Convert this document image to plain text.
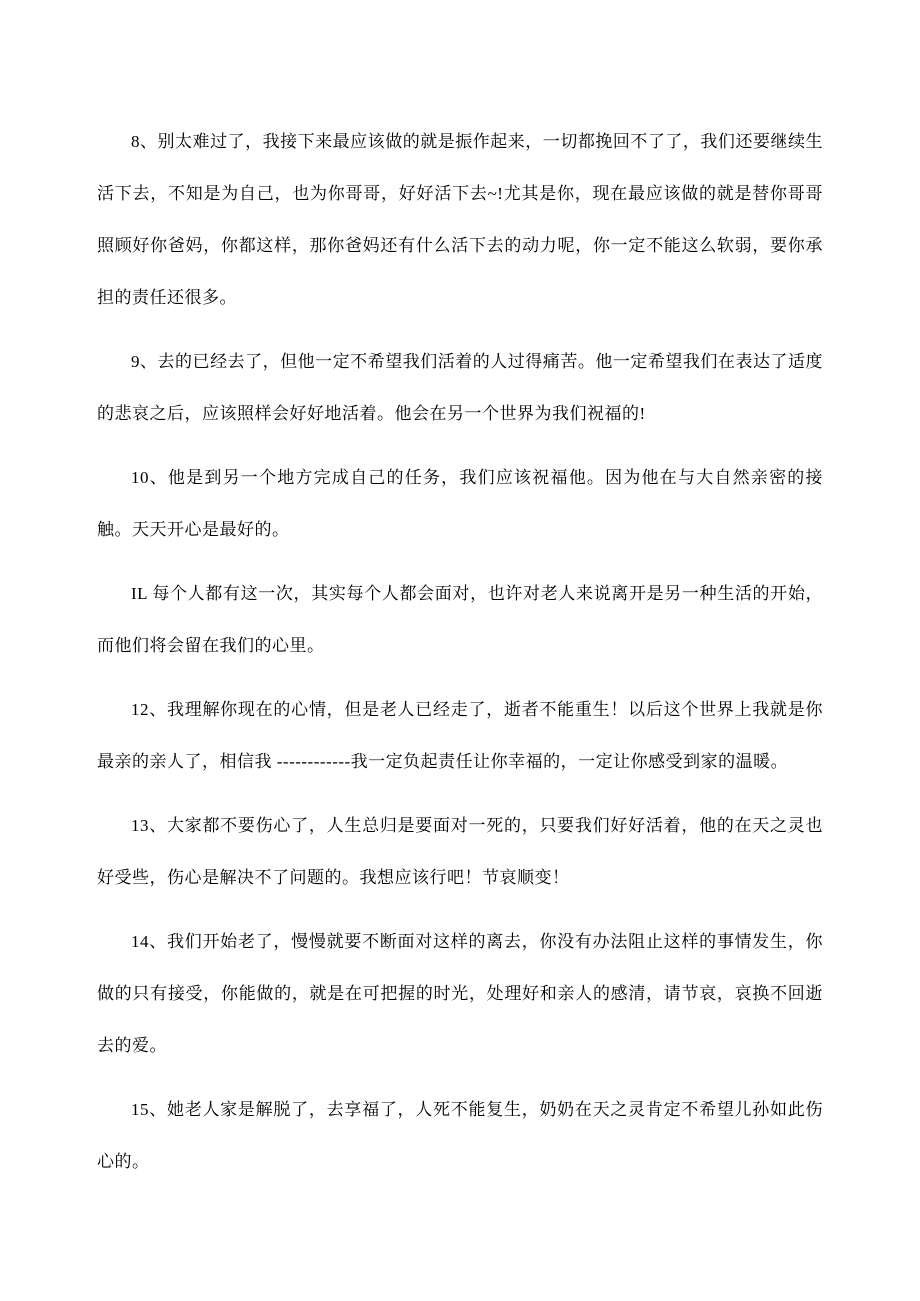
8、别太难过了，我接下来最应该做的就是振作起来，一切都挽回不了了，我们还要继续生活下去，不知是为自己，也为你哥哥，好好活下去~!尤其是你，现在最应该做的就是替你哥哥照顾好你爸妈，你都这样，那你爸妈还有什么活下去的动力呢，你一定不能这么软弱，要你承担的责任还很多。

9、去的已经去了，但他一定不希望我们活着的人过得痛苦。他一定希望我们在表达了适度的悲哀之后，应该照样会好好地活着。他会在另一个世界为我们祝福的!

10、他是到另一个地方完成自己的任务，我们应该祝福他。因为他在与大自然亲密的接触。天天开心是最好的。

IL 每个人都有这一次，其实每个人都会面对，也许对老人来说离开是另一种生活的开始，而他们将会留在我们的心里。

12、我理解你现在的心情，但是老人已经走了，逝者不能重生！以后这个世界上我就是你最亲的亲人了，相信我 ------------我一定负起责任让你幸福的，一定让你感受到家的温暖。

13、大家都不要伤心了，人生总归是要面对一死的，只要我们好好活着，他的在天之灵也好受些，伤心是解决不了问题的。我想应该行吧！节哀顺变！

14、我们开始老了，慢慢就要不断面对这样的离去，你没有办法阻止这样的事情发生，你做的只有接受，你能做的，就是在可把握的时光，处理好和亲人的感清，请节哀，哀换不回逝去的爱。

15、她老人家是解脱了，去享福了，人死不能复生，奶奶在天之灵肯定不希望儿孙如此伤心的。
